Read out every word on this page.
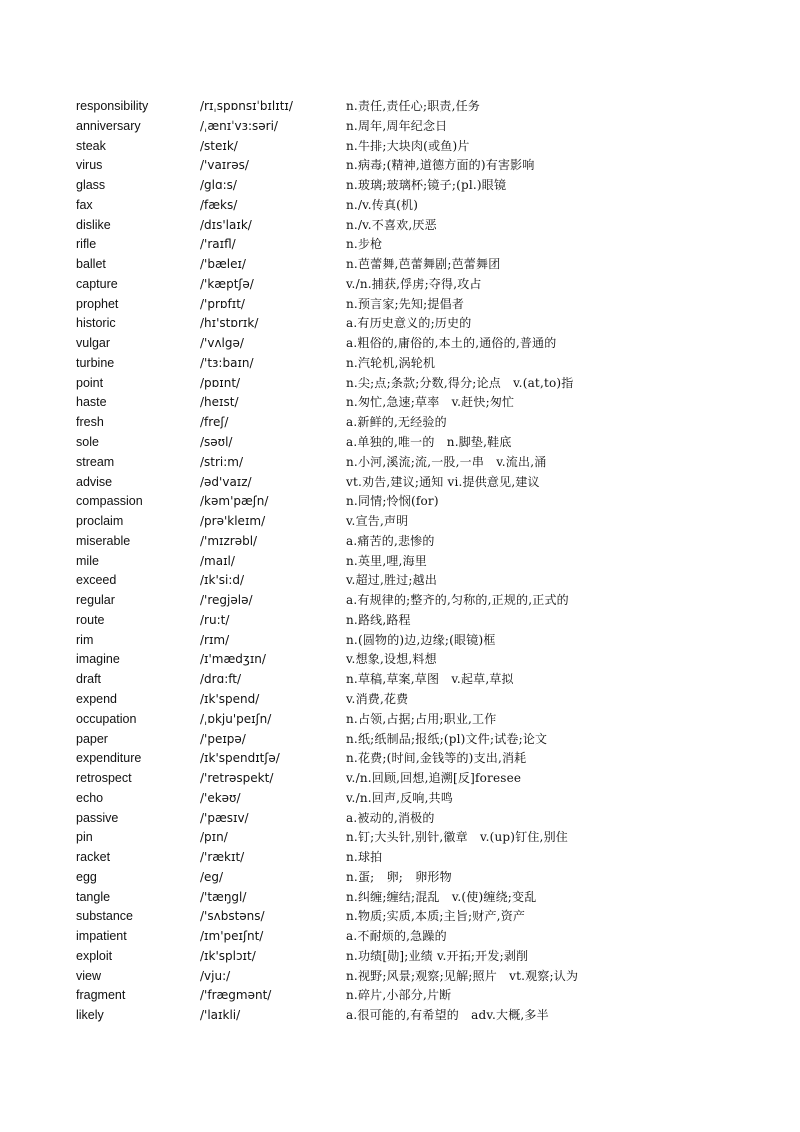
responsibility	/rɪˌspɒnsɪˈbɪlɪtɪ/	n.责任,责任心;职责,任务
anniversary	/ˌænɪˈvɜ:səri/	n.周年,周年纪念日
steak	/steɪk/	n.牛排;大块肉(或鱼)片
virus	/'vaɪrəs/	n.病毒;(精神,道德方面的)有害影响
glass	/glɑ:s/	n.玻璃;玻璃杯;镜子;(pl.)眼镜
fax	/fæks/	n./v.传真(机)
dislike	/dɪs'laɪk/	n./v.不喜欢,厌恶
rifle	/'raɪfl/	n.步枪
ballet	/'bæleɪ/	n.芭蕾舞,芭蕾舞剧;芭蕾舞团
capture	/'kæptʃə/	v./n.捕获,俘虏;夺得,攻占
prophet	/'prɒfɪt/	n.预言家;先知;提倡者
historic	/hɪ'stɒrɪk/	a.有历史意义的;历史的
vulgar	/'vʌlgə/	a.粗俗的,庸俗的,本土的,通俗的,普通的
turbine	/'tɜ:baɪn/	n.汽轮机,涡轮机
point	/pɒɪnt/	n.尖;点;条款;分数,得分;论点　v.(at,to)指
haste	/heɪst/	n.匆忙,急速;草率　v.赶快;匆忙
fresh	/freʃ/	a.新鲜的,无经验的
sole	/səʊl/	a.单独的,唯一的　n.脚垫,鞋底
stream	/stri:m/	n.小河,溪流;流,一股,一串　v.流出,涌
advise	/əd'vaɪz/	vt.劝告,建议;通知 vi.提供意见,建议
compassion	/kəm'pæʃn/	n.同情;怜悯(for)
proclaim	/prə'kleɪm/	v.宣告,声明
miserable	/'mɪzrəbl/	a.痛苦的,悲惨的
mile	/maɪl/	n.英里,哩,海里
exceed	/ɪk'si:d/	v.超过,胜过;越出
regular	/'regjələ/	a.有规律的;整齐的,匀称的,正规的,正式的
route	/ru:t/	n.路线,路程
rim	/rɪm/	n.(圆物的)边,边缘;(眼镜)框
imagine	/ɪ'mædʒɪn/	v.想象,设想,料想
draft	/drɑ:ft/	n.草稿,草案,草图　v.起草,草拟
expend	/ɪk'spend/	v.消费,花费
occupation	/ˌɒkju'peɪʃn/	n.占领,占据;占用;职业,工作
paper	/'peɪpə/	n.纸;纸制品;报纸;(pl)文件;试卷;论文
expenditure	/ɪk'spendɪtʃə/	n.花费;(时间,金钱等的)支出,消耗
retrospect	/'retrəspekt/	v./n.回顾,回想,追溯[反]foresee
echo	/'ekəʊ/	v./n.回声,反响,共鸣
passive	/'pæsɪv/	a.被动的,消极的
pin	/pɪn/	n.钉;大头针,别针,徽章　v.(up)钉住,别住
racket	/'rækɪt/	n.球拍
egg	/eg/	n.蛋;　卵;　卵形物
tangle	/'tæŋgl/	n.纠缠;缠结;混乱　v.(使)缠绕;变乱
substance	/'sʌbstəns/	n.物质;实质,本质;主旨;财产,资产
impatient	/ɪm'peɪʃnt/	a.不耐烦的,急躁的
exploit	/ɪk'splɔɪt/	n.功绩[勋];业绩 v.开拓;开发;剥削
view	/vju:/	n.视野;风景;观察;见解;照片　vt.观察;认为
fragment	/'frægmənt/	n.碎片,小部分,片断
likely	/'laɪkli/	a.很可能的,有希望的　adv.大概,多半
